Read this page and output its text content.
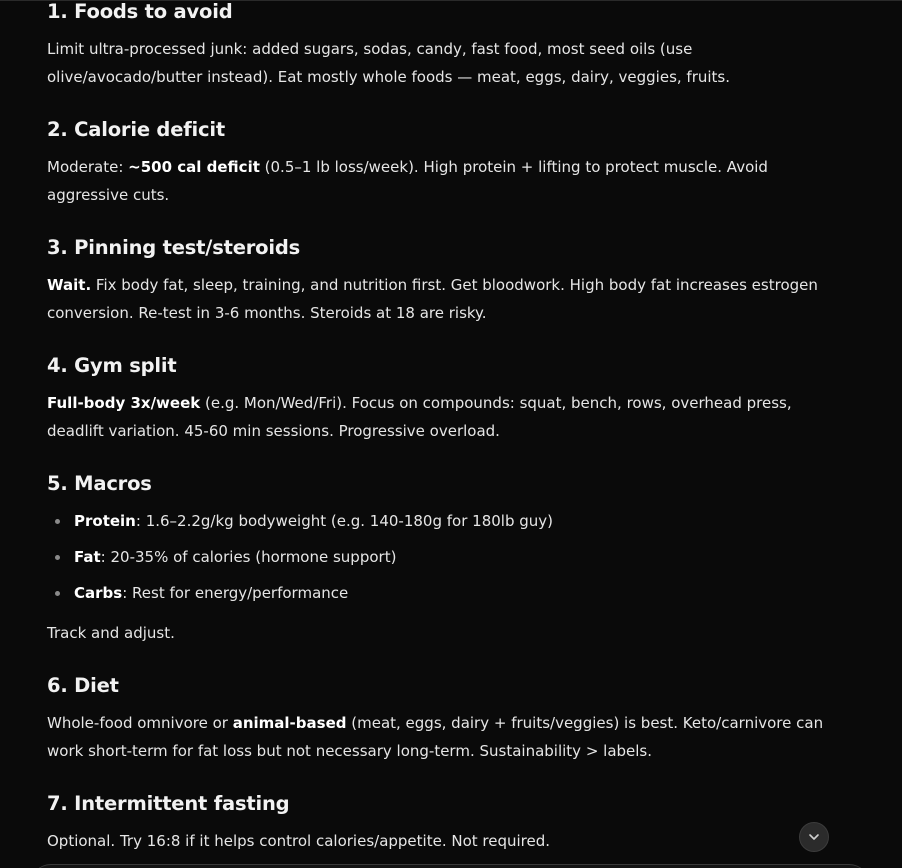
1. Foods to avoid

Limit ultra-processed junk: added sugars, sodas, candy, fast food, most seed oils (use
olive/avocado/butter instead). Eat mostly whole foods — meat, eggs, dairy, veggies, fruits.

2. Calorie deficit

Moderate: ~500 cal deficit (0.5–1 lb loss/week). High protein + lifting to protect muscle. Avoid
aggressive cuts.

3. Pinning test/steroids

Wait. Fix body fat, sleep, training, and nutrition first. Get bloodwork. High body fat increases estrogen
conversion. Re-test in 3-6 months. Steroids at 18 are risky.

4. Gym split

Full-body 3x/week (e.g. Mon/Wed/Fri). Focus on compounds: squat, bench, rows, overhead press,
deadlift variation. 45-60 min sessions. Progressive overload.

5. Macros
Protein: 1.6–2.2g/kg bodyweight (e.g. 140-180g for 180lb guy)
Fat: 20-35% of calories (hormone support)
Carbs: Rest for energy/performance

Track and adjust.

6. Diet

Whole-food omnivore or animal-based (meat, eggs, dairy + fruits/veggies) is best. Keto/carnivore can
work short-term for fat loss but not necessary long-term. Sustainability > labels.

7. Intermittent fasting

Optional. Try 16:8 if it helps control calories/appetite. Not required.
